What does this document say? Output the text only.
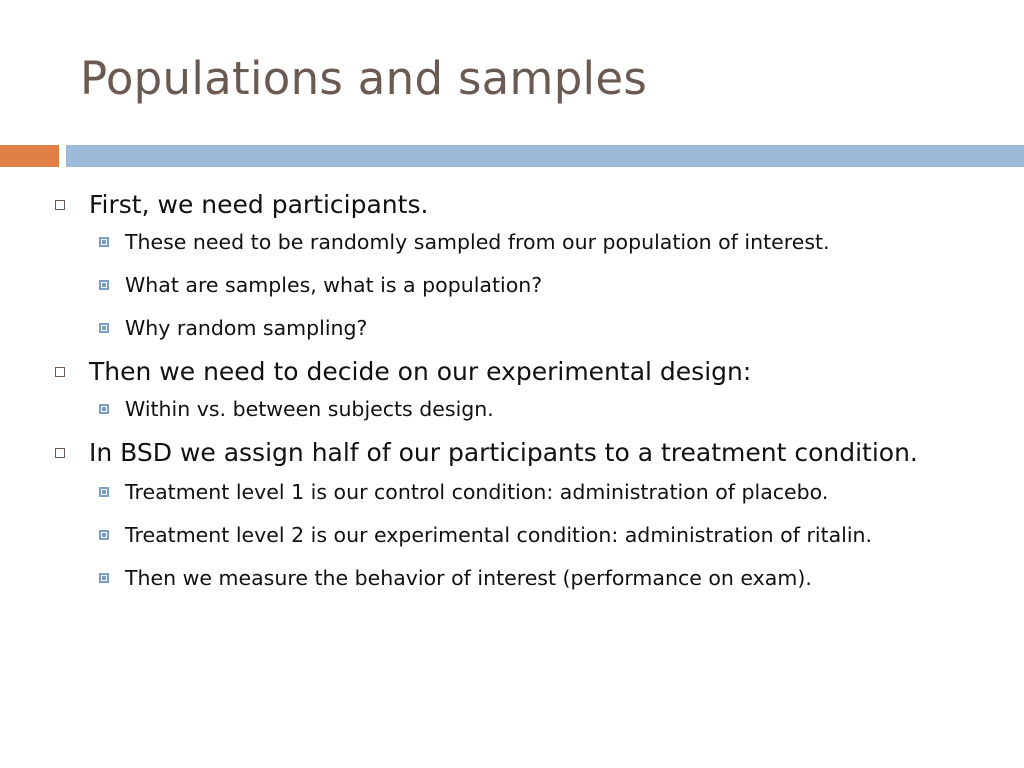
Populations and samples
First, we need participants.
These need to be randomly sampled from our population of interest.
What are samples, what is a population?
Why random sampling?
Then we need to decide on our experimental design:
Within vs. between subjects design.
In BSD we assign half of our participants to a treatment condition.
Treatment level 1 is our control condition: administration of placebo.
Treatment level 2 is our experimental condition: administration of ritalin.
Then we measure the behavior of interest (performance on exam).
